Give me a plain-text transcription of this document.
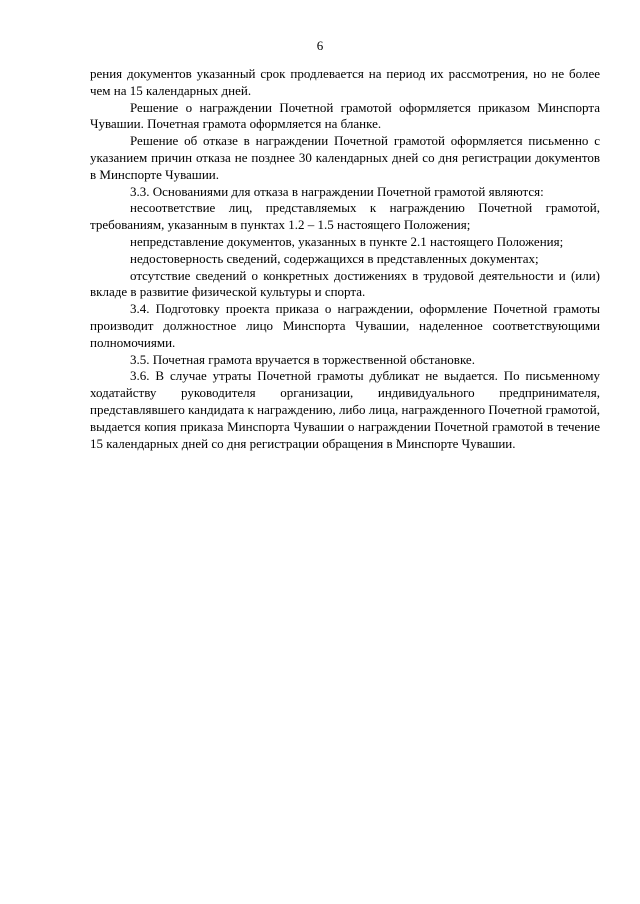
6

рения документов указанный срок продлевается на период их рассмотрения, но не более чем на 15 календарных дней.

Решение о награждении Почетной грамотой оформляется приказом Минспорта Чувашии. Почетная грамота оформляется на бланке.

Решение об отказе в награждении Почетной грамотой оформляется письменно с указанием причин отказа не позднее 30 календарных дней со дня регистрации документов в Минспорте Чувашии.

3.3. Основаниями для отказа в награждении Почетной грамотой являются:

несоответствие лиц, представляемых к награждению Почетной грамотой, требованиям, указанным в пунктах 1.2 – 1.5 настоящего Положения;

непредставление документов, указанных в пункте 2.1 настоящего Положения;

недостоверность сведений, содержащихся в представленных документах;

отсутствие сведений о конкретных достижениях в трудовой деятельности и (или) вкладе в развитие физической культуры и спорта.

3.4. Подготовку проекта приказа о награждении, оформление Почетной грамоты производит должностное лицо Минспорта Чувашии, наделенное соответствующими полномочиями.

3.5. Почетная грамота вручается в торжественной обстановке.

3.6. В случае утраты Почетной грамоты дубликат не выдается. По письменному ходатайству руководителя организации, индивидуального предпринимателя, представлявшего кандидата к награждению, либо лица, награжденного Почетной грамотой, выдается копия приказа Минспорта Чувашии о награждении Почетной грамотой в течение 15 календарных дней со дня регистрации обращения в Минспорте Чувашии.
